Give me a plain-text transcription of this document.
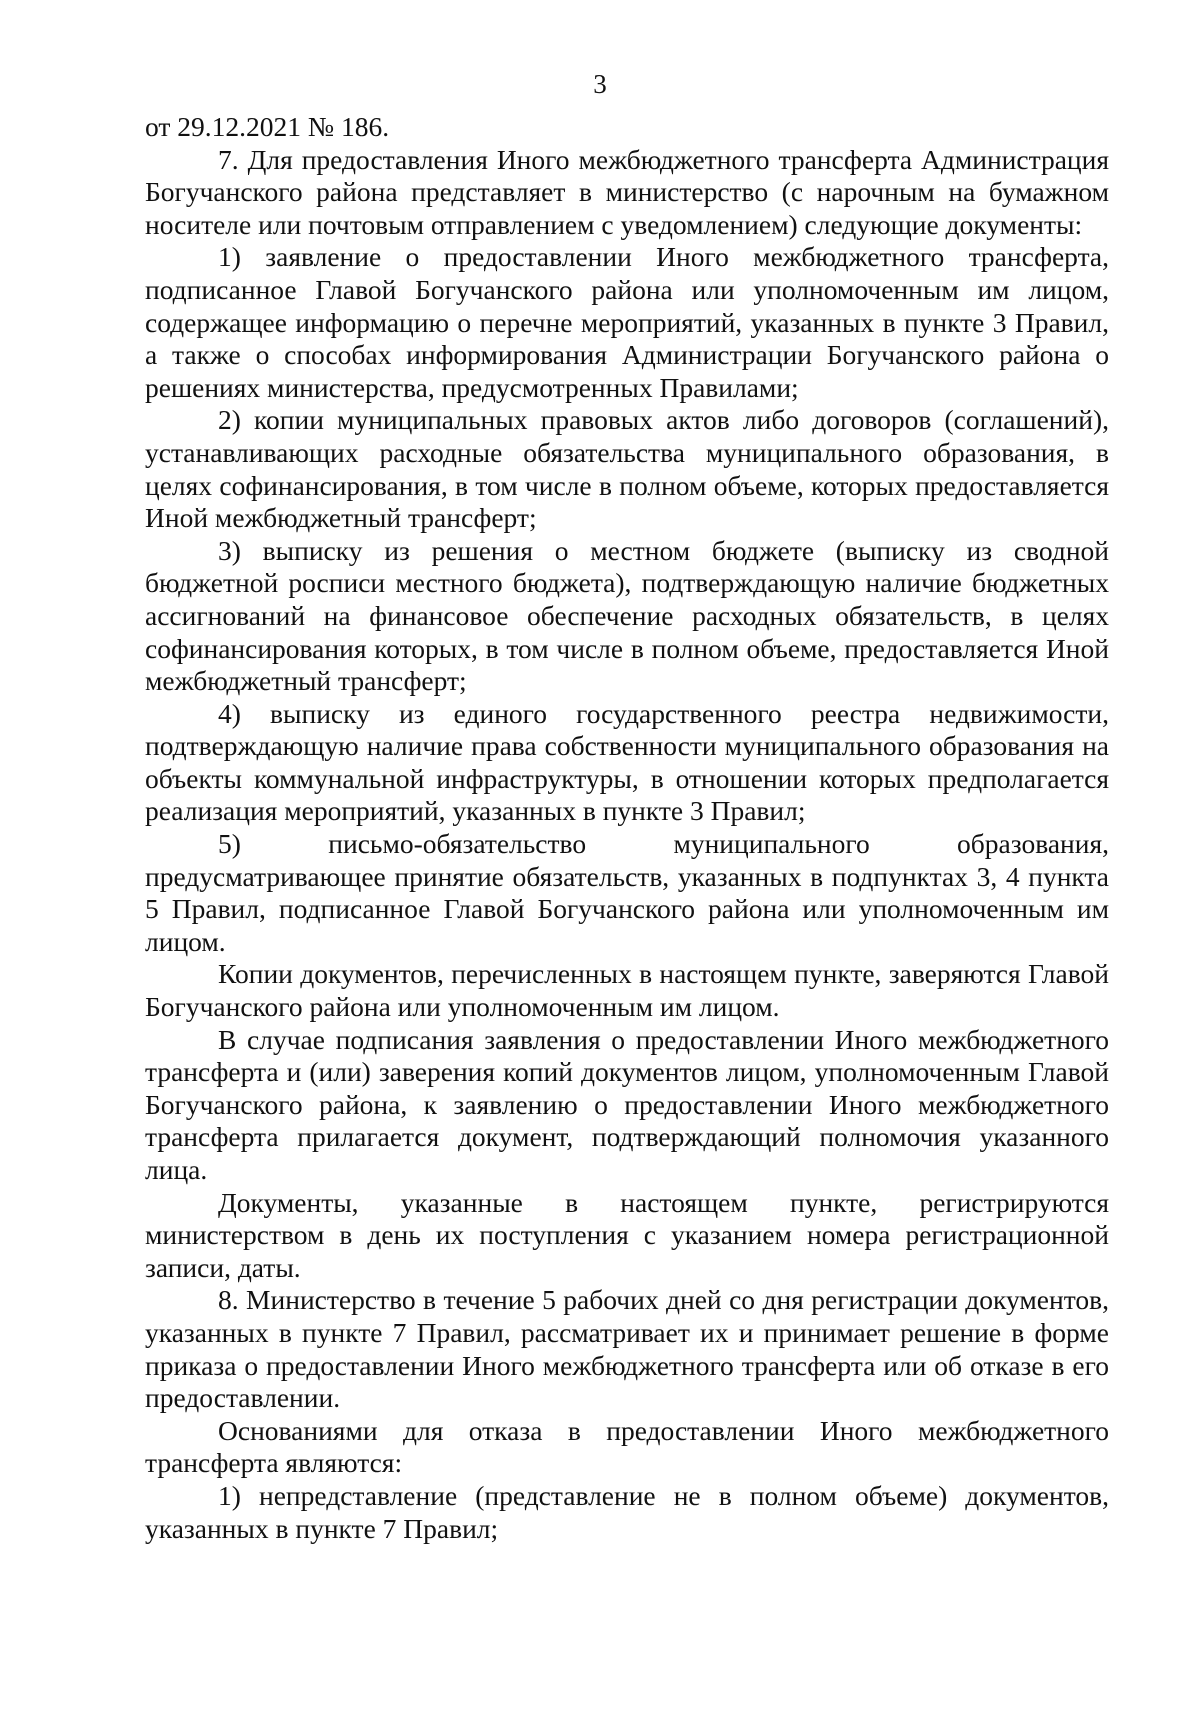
3

от 29.12.2021 № 186.

7. Для предоставления Иного межбюджетного трансферта Администрация Богучанского района представляет в министерство (с нарочным на бумажном носителе или почтовым отправлением с уведомлением) следующие документы:

1) заявление о предоставлении Иного межбюджетного трансферта, подписанное Главой Богучанского района или уполномоченным им лицом, содержащее информацию о перечне мероприятий, указанных в пункте 3 Правил, а также о способах информирования Администрации Богучанского района о решениях министерства, предусмотренных Правилами;

2) копии муниципальных правовых актов либо договоров (соглашений), устанавливающих расходные обязательства муниципального образования, в целях софинансирования, в том числе в полном объеме, которых предоставляется Иной межбюджетный трансферт;

3) выписку из решения о местном бюджете (выписку из сводной бюджетной росписи местного бюджета), подтверждающую наличие бюджетных ассигнований на финансовое обеспечение расходных обязательств, в целях софинансирования которых, в том числе в полном объеме, предоставляется Иной межбюджетный трансферт;

4) выписку из единого государственного реестра недвижимости, подтверждающую наличие права собственности муниципального образования на объекты коммунальной инфраструктуры, в отношении которых предполагается реализация мероприятий, указанных в пункте 3 Правил;

5) письмо-обязательство муниципального образования, предусматривающее принятие обязательств, указанных в подпунктах 3, 4 пункта 5 Правил, подписанное Главой Богучанского района или уполномоченным им лицом.

Копии документов, перечисленных в настоящем пункте, заверяются Главой Богучанского района или уполномоченным им лицом.

В случае подписания заявления о предоставлении Иного межбюджетного трансферта и (или) заверения копий документов лицом, уполномоченным Главой Богучанского района, к заявлению о предоставлении Иного межбюджетного трансферта прилагается документ, подтверждающий полномочия указанного лица.

Документы, указанные в настоящем пункте, регистрируются министерством в день их поступления с указанием номера регистрационной записи, даты.

8. Министерство в течение 5 рабочих дней со дня регистрации документов, указанных в пункте 7 Правил, рассматривает их и принимает решение в форме приказа о предоставлении Иного межбюджетного трансферта или об отказе в его предоставлении.

Основаниями для отказа в предоставлении Иного межбюджетного трансферта являются:

1) непредставление (представление не в полном объеме) документов, указанных в пункте 7 Правил;
